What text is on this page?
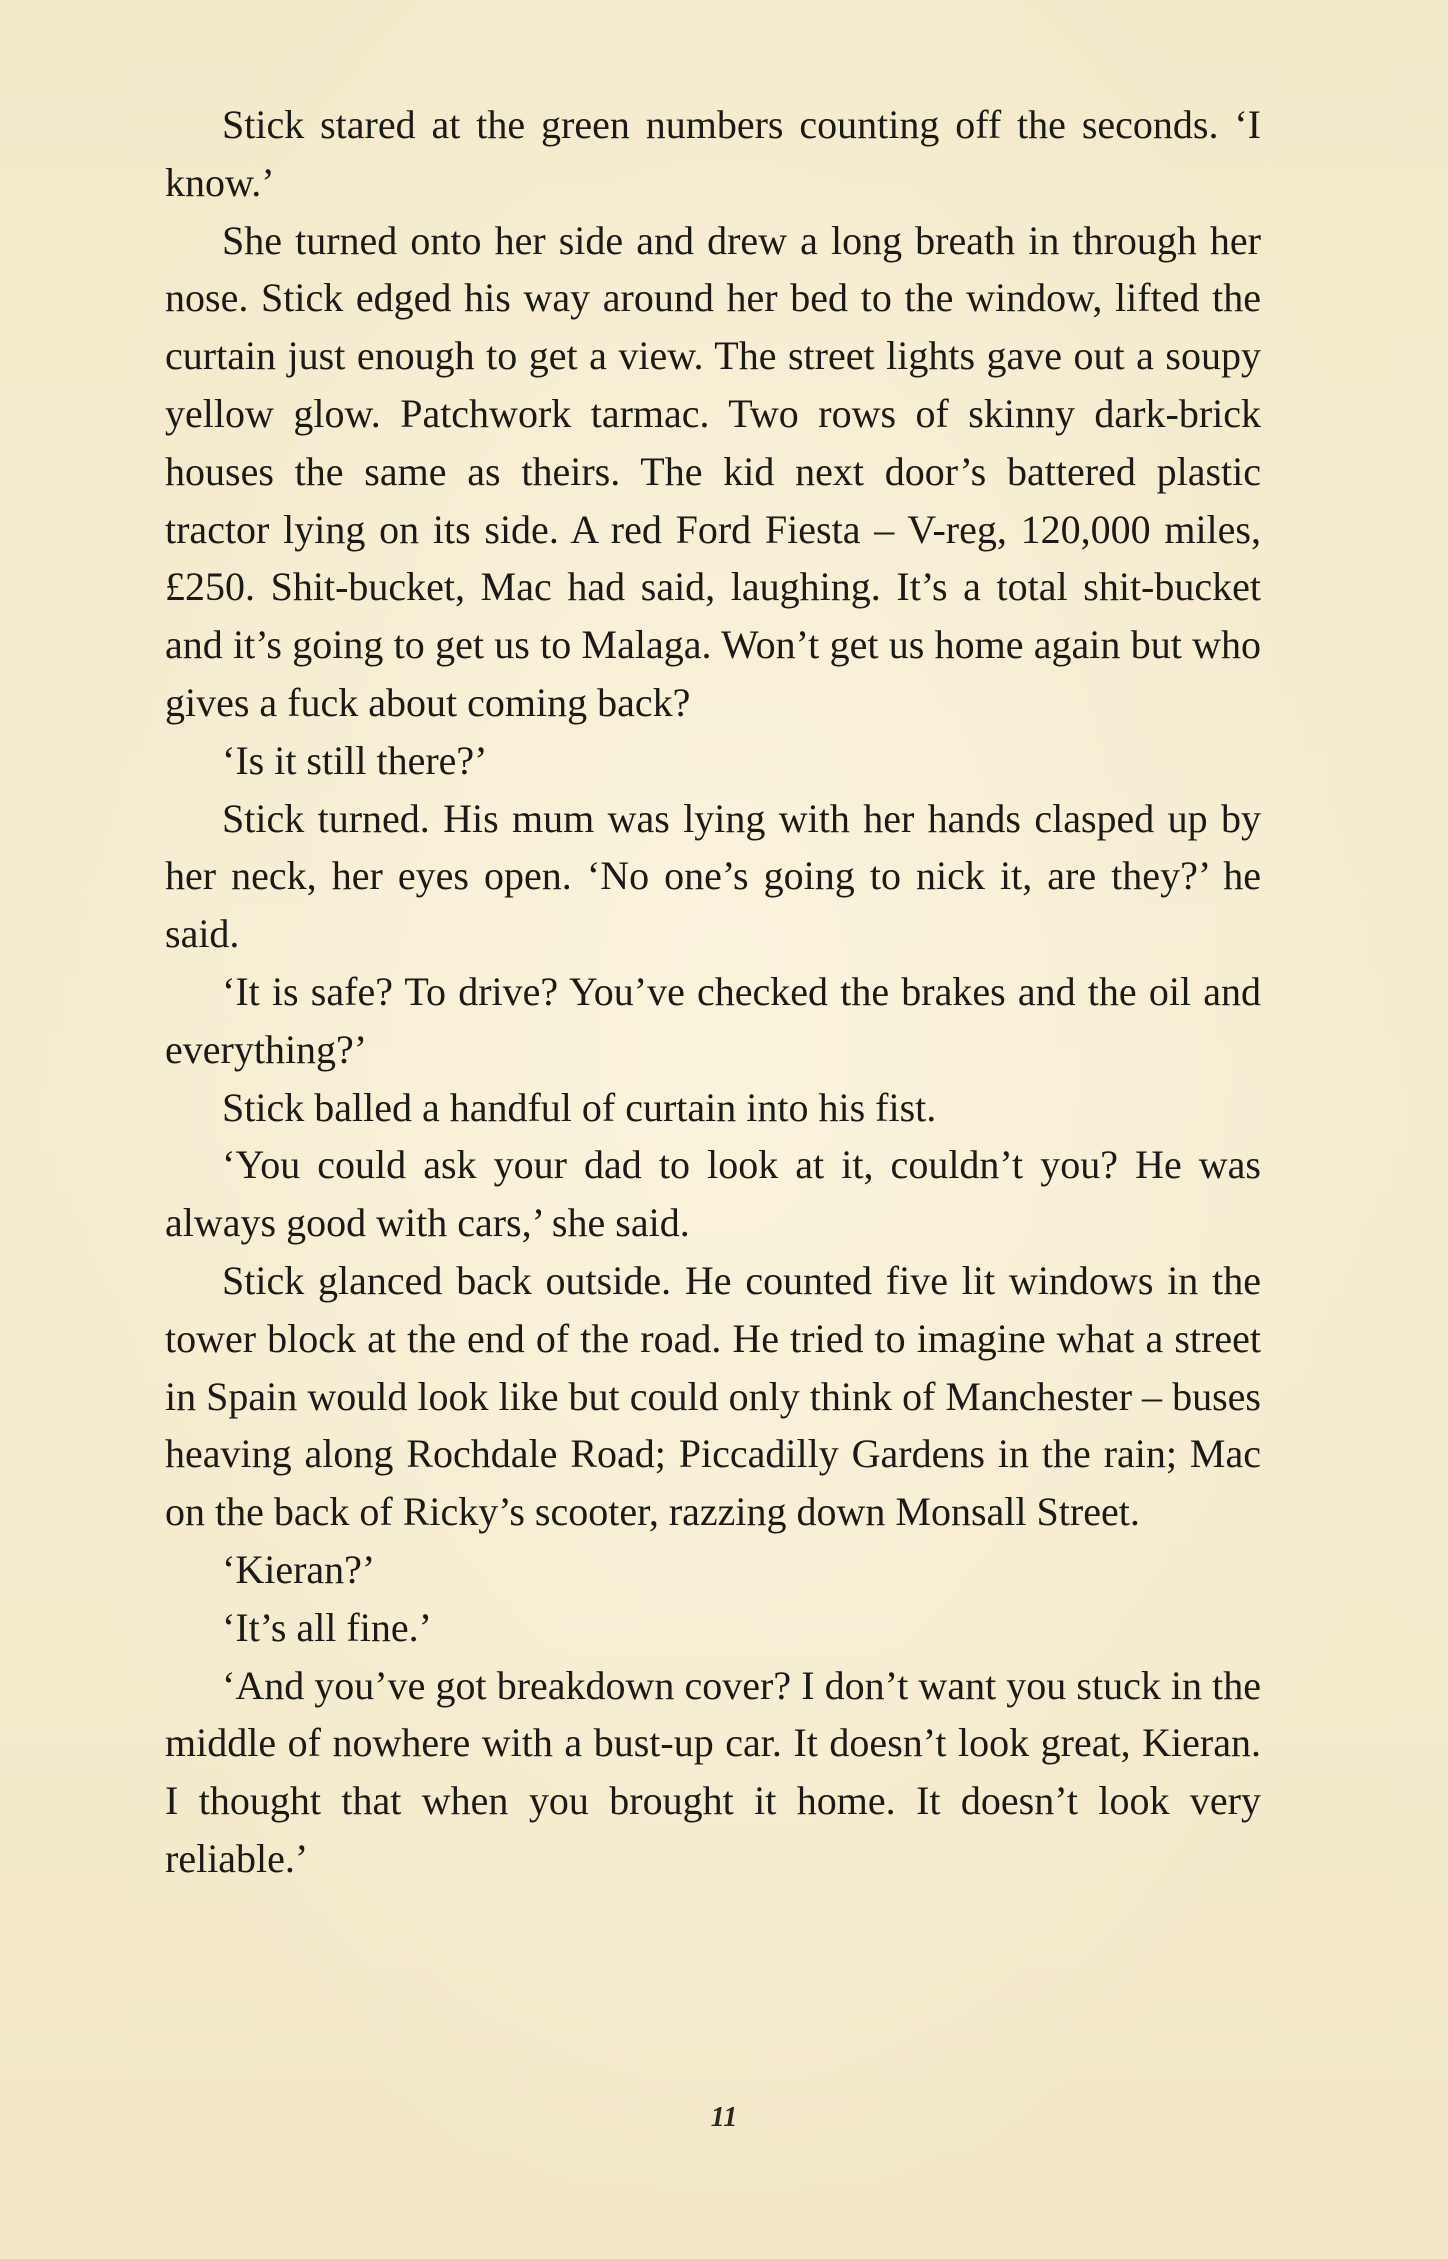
Stick stared at the green numbers counting off the seconds. ‘I know.’

She turned onto her side and drew a long breath in through her nose. Stick edged his way around her bed to the window, lifted the curtain just enough to get a view. The street lights gave out a soupy yellow glow. Patchwork tarmac. Two rows of skinny dark-brick houses the same as theirs. The kid next door’s battered plastic tractor lying on its side. A red Ford Fiesta – V-reg, 120,000 miles, £250. Shit-bucket, Mac had said, laughing. It’s a total shit-bucket and it’s going to get us to Malaga. Won’t get us home again but who gives a fuck about coming back?

‘Is it still there?’

Stick turned. His mum was lying with her hands clasped up by her neck, her eyes open. ‘No one’s going to nick it, are they?’ he said.

‘It is safe? To drive? You’ve checked the brakes and the oil and everything?’

Stick balled a handful of curtain into his fist.

‘You could ask your dad to look at it, couldn’t you? He was always good with cars,’ she said.

Stick glanced back outside. He counted five lit windows in the tower block at the end of the road. He tried to imagine what a street in Spain would look like but could only think of Manchester – buses heaving along Rochdale Road; Piccadilly Gardens in the rain; Mac on the back of Ricky’s scooter, razzing down Monsall Street.

‘Kieran?’

‘It’s all fine.’

‘And you’ve got breakdown cover? I don’t want you stuck in the middle of nowhere with a bust-up car. It doesn’t look great, Kieran. I thought that when you brought it home. It doesn’t look very reliable.’

11
